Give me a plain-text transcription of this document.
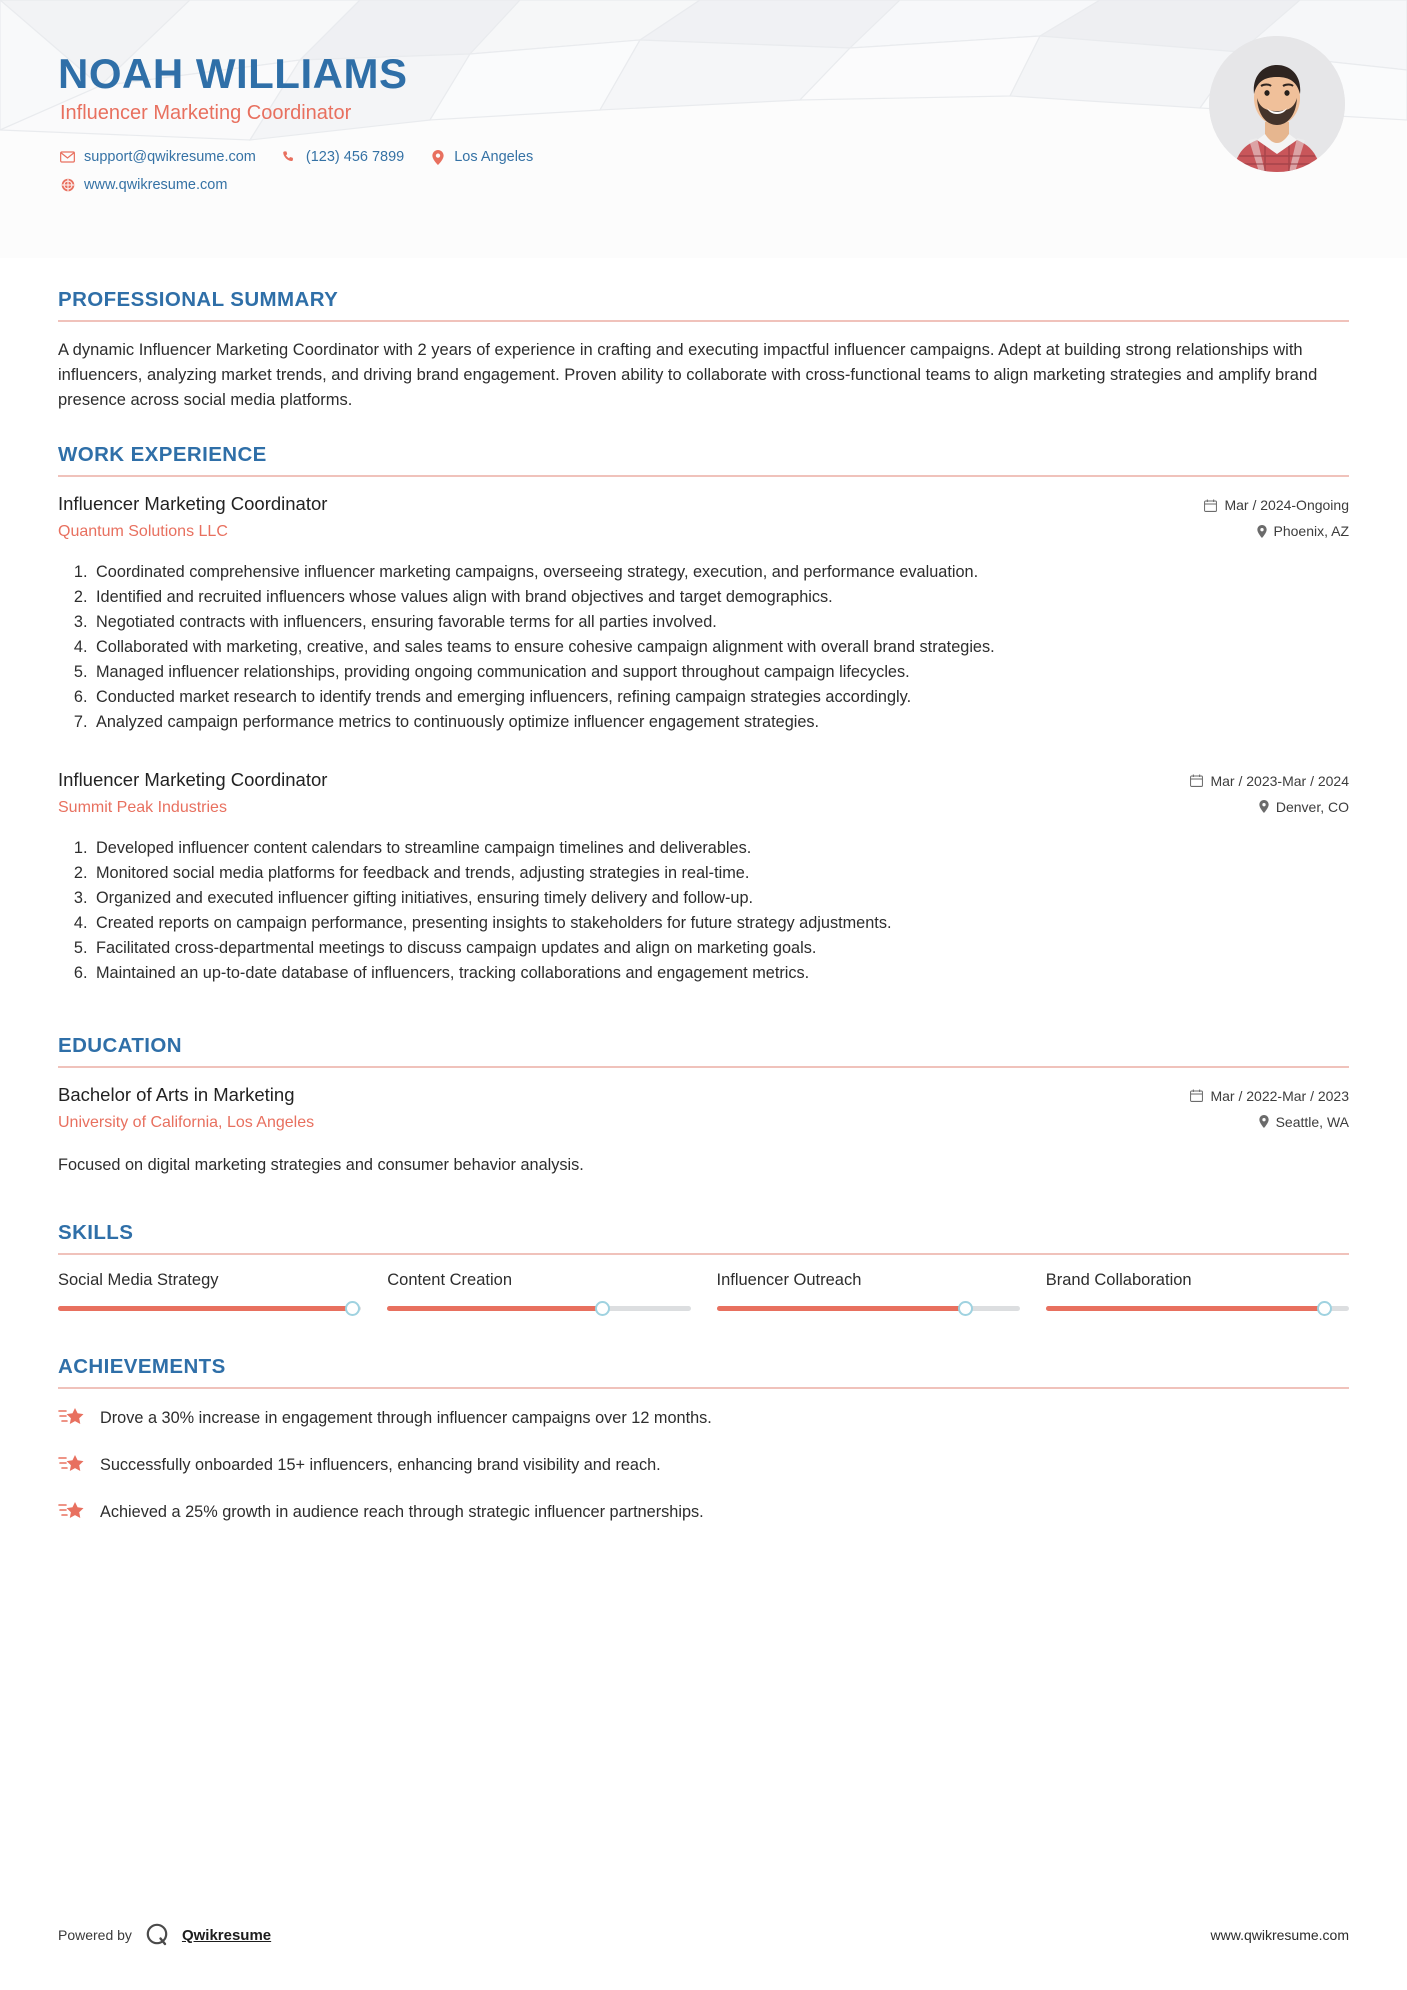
NOAH WILLIAMS
Influencer Marketing Coordinator
support@qwikresume.com	(123) 456 7899	Los Angeles
www.qwikresume.com
PROFESSIONAL SUMMARY

A dynamic Influencer Marketing Coordinator with 2 years of experience in crafting and executing impactful influencer campaigns. Adept at building strong relationships with influencers, analyzing market trends, and driving brand engagement. Proven ability to collaborate with cross-functional teams to align marketing strategies and amplify brand presence across social media platforms.

WORK EXPERIENCE
Influencer Marketing Coordinator
Quantum Solutions LLC
Mar / 2024-Ongoing
Phoenix, AZ
1. Coordinated comprehensive influencer marketing campaigns, overseeing strategy, execution, and performance evaluation.
2. Identified and recruited influencers whose values align with brand objectives and target demographics.
3. Negotiated contracts with influencers, ensuring favorable terms for all parties involved.
4. Collaborated with marketing, creative, and sales teams to ensure cohesive campaign alignment with overall brand strategies.
5. Managed influencer relationships, providing ongoing communication and support throughout campaign lifecycles.
6. Conducted market research to identify trends and emerging influencers, refining campaign strategies accordingly.
7. Analyzed campaign performance metrics to continuously optimize influencer engagement strategies.
Influencer Marketing Coordinator
Summit Peak Industries
Mar / 2023-Mar / 2024
Denver, CO
1. Developed influencer content calendars to streamline campaign timelines and deliverables.
2. Monitored social media platforms for feedback and trends, adjusting strategies in real-time.
3. Organized and executed influencer gifting initiatives, ensuring timely delivery and follow-up.
4. Created reports on campaign performance, presenting insights to stakeholders for future strategy adjustments.
5. Facilitated cross-departmental meetings to discuss campaign updates and align on marketing goals.
6. Maintained an up-to-date database of influencers, tracking collaborations and engagement metrics.
EDUCATION
Bachelor of Arts in Marketing
University of California, Los Angeles
Mar / 2022-Mar / 2023
Seattle, WA

Focused on digital marketing strategies and consumer behavior analysis.

SKILLS
Social Media Strategy	Content Creation	Influencer Outreach	Brand Collaboration
ACHIEVEMENTS
Drove a 30% increase in engagement through influencer campaigns over 12 months.
Successfully onboarded 15+ influencers, enhancing brand visibility and reach.
Achieved a 25% growth in audience reach through strategic influencer partnerships.
Powered by	Qwikresume	www.qwikresume.com
